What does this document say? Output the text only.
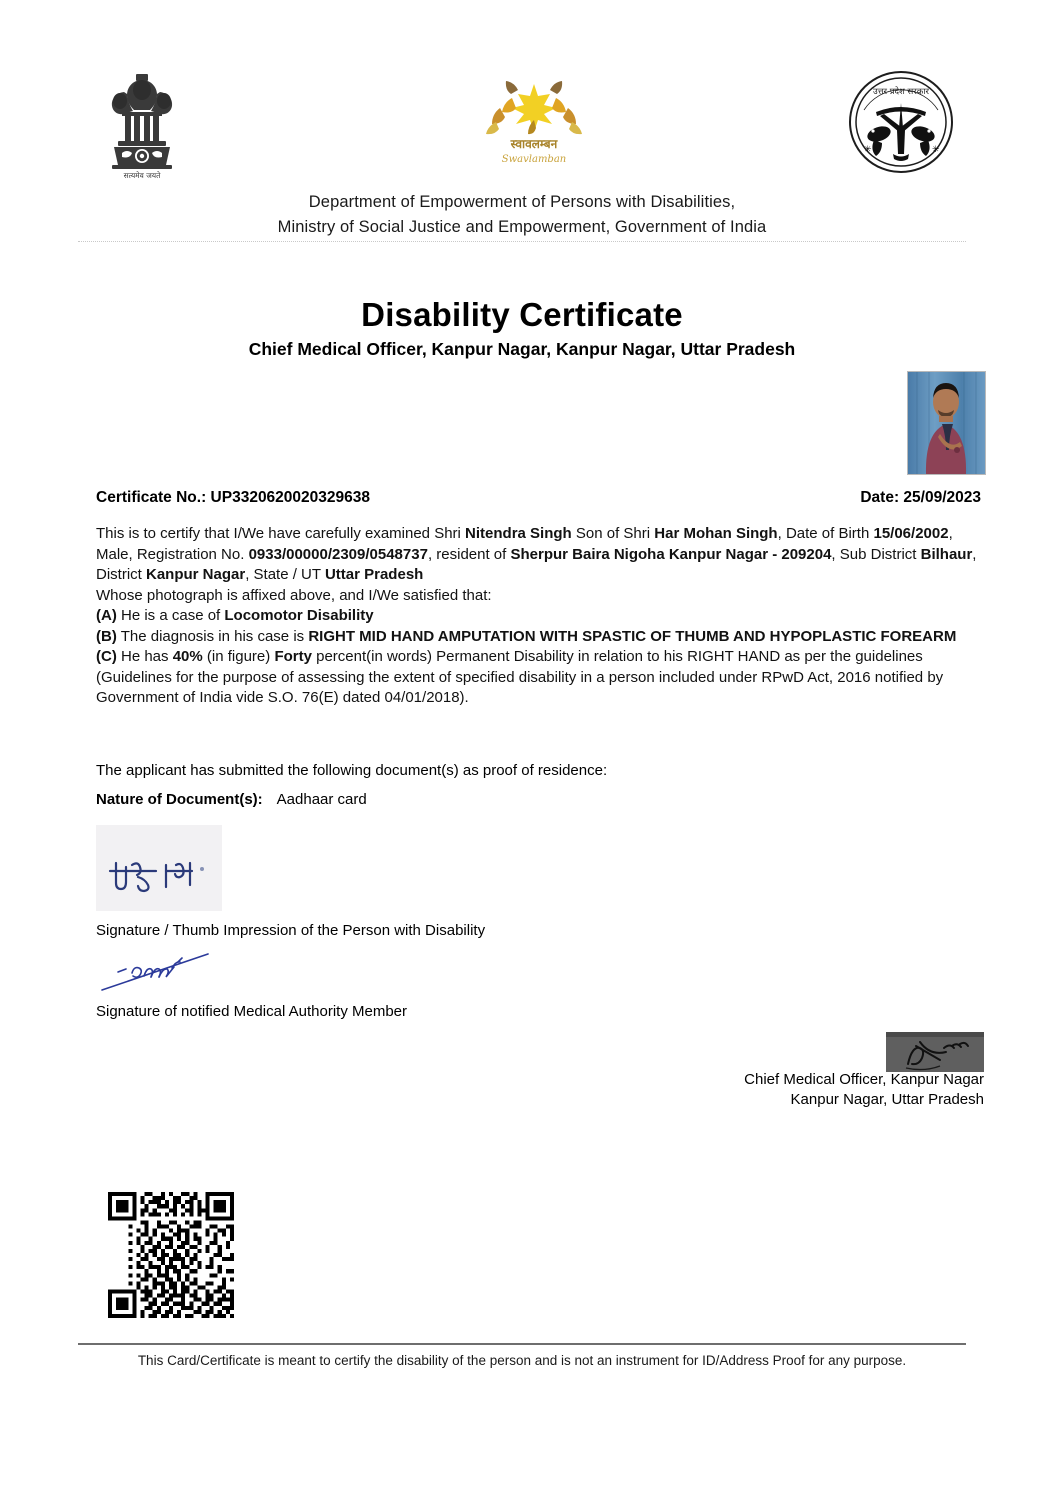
सत्यमेव जयते
स्वावलम्बन
Swavlamban
उत्तर प्रदेश सरकार
✳	✳
Department of Empowerment of Persons with Disabilities,
Ministry of Social Justice and Empowerment, Government of India
Disability Certificate
Chief Medical Officer, Kanpur Nagar, Kanpur Nagar, Uttar Pradesh
Certificate No.: UP3320620020329638	Date: 25/09/2023

This is to certify that I/We have carefully examined Shri Nitendra Singh Son of Shri Har Mohan Singh, Date of Birth 15/06/2002, Male, Registration No. 0933/00000/2309/0548737, resident of Sherpur Baira Nigoha Kanpur Nagar - 209204, Sub District Bilhaur, District Kanpur Nagar, State / UT Uttar Pradesh

Whose photograph is affixed above, and I/We satisfied that:

(A) He is a case of Locomotor Disability

(B) The diagnosis in his case is RIGHT MID HAND AMPUTATION WITH SPASTIC OF THUMB AND HYPOPLASTIC FOREARM

(C) He has 40% (in figure) Forty percent(in words) Permanent Disability in relation to his RIGHT HAND as per the guidelines (Guidelines for the purpose of assessing the extent of specified disability in a person included under RPwD Act, 2016 notified by Government of India vide S.O. 76(E) dated 04/01/2018).

The applicant has submitted the following document(s) as proof of residence:
Nature of Document(s): Aadhaar card
Signature / Thumb Impression of the Person with Disability
Signature of notified Medical Authority Member
Chief Medical Officer, Kanpur Nagar
Kanpur Nagar, Uttar Pradesh
This Card/Certificate is meant to certify the disability of the person and is not an instrument for ID/Address Proof for any purpose.
